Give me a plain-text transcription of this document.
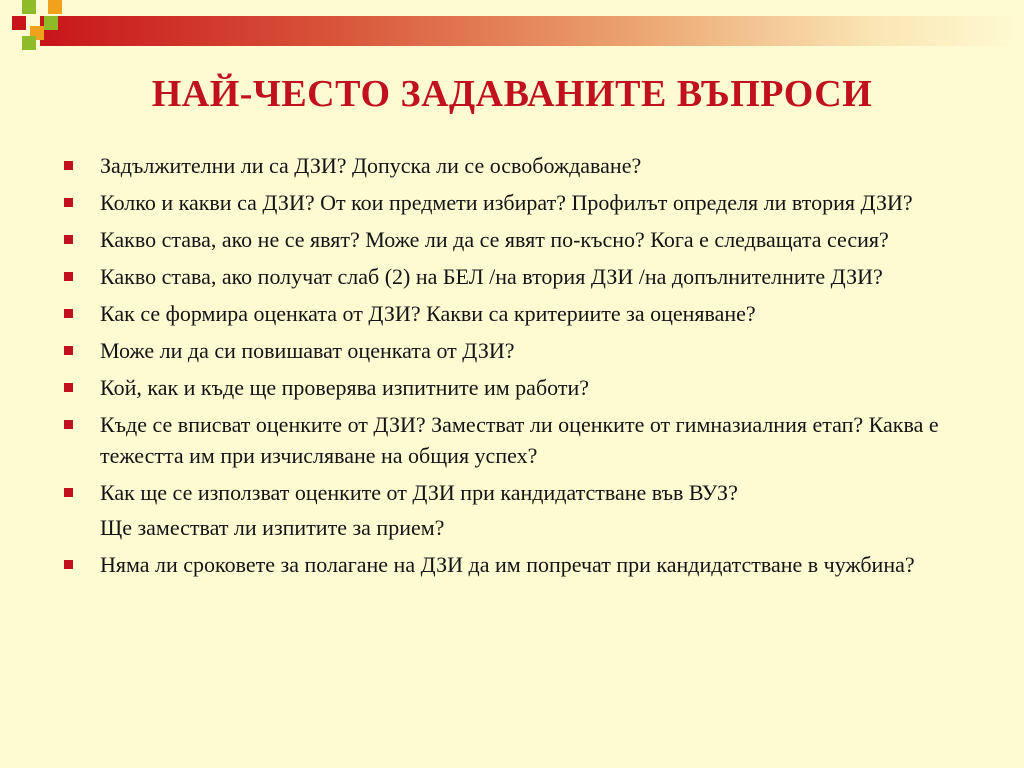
НАЙ-ЧЕСТО ЗАДАВАНИТЕ ВЪПРОСИ
Задължителни ли са ДЗИ? Допуска ли се освобождаване?
Колко и какви са ДЗИ? От кои предмети избират? Профилът определя ли втория ДЗИ?
Какво става, ако не се явят? Може ли да се явят по-късно? Кога е следващата сесия?
Какво става, ако получат слаб (2) на БЕЛ /на втория ДЗИ /на допълнителните ДЗИ?
Как се формира оценката от ДЗИ? Какви са критериите за оценяване?
Може ли да си повишават оценката от ДЗИ?
Кой, как и къде ще проверява изпитните им работи?
Къде се вписват оценките от ДЗИ? Заместват ли оценките от гимназиалния етап? Каква е тежестта им при изчисляване на общия успех?
Как ще се използват оценките от ДЗИ при кандидатстване във ВУЗ?
Ще заместват ли изпитите за прием?
Няма ли сроковете за полагане на ДЗИ да им попречат при кандидатстване в чужбина?
